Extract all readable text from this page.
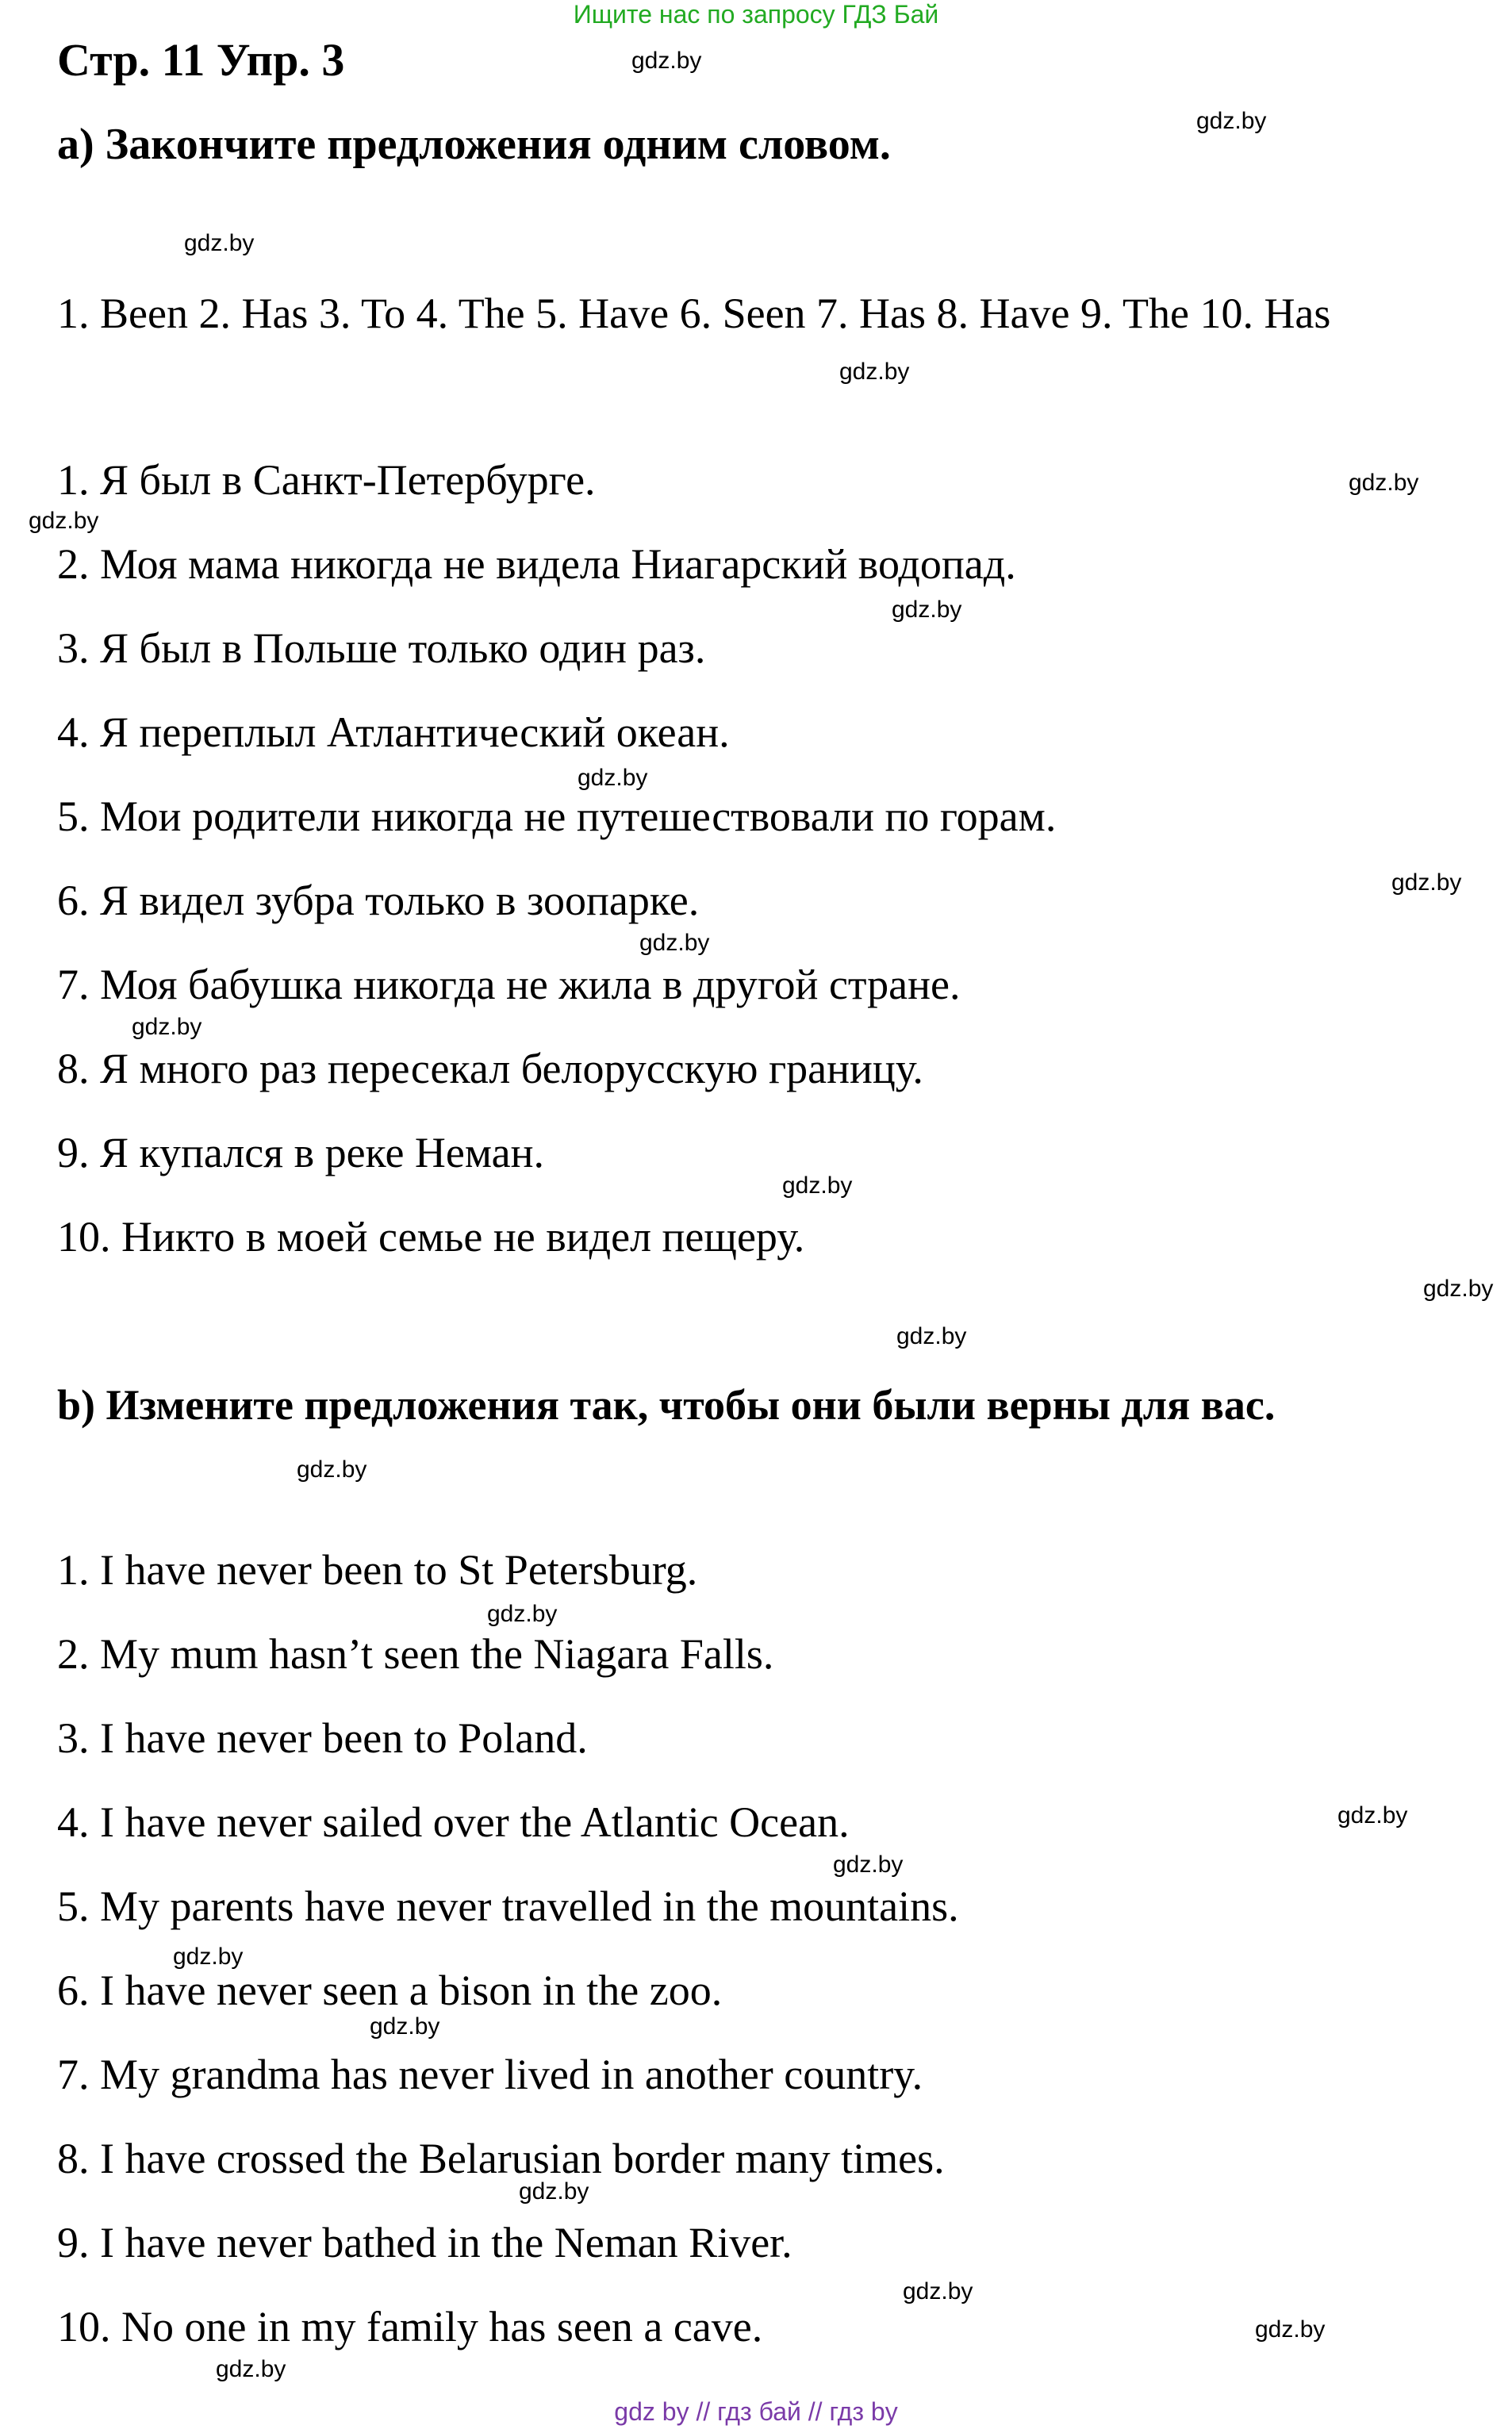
Ищите нас по запросу ГДЗ Бай
Стр. 11 Упр. 3
a) Закончите предложения одним словом.
1. Been 2. Has 3. To 4. The 5. Have 6. Seen 7. Has 8. Have 9. The 10. Has
1. Я был в Санкт-Петербурге.
2. Моя мама никогда не видела Ниагарский водопад.
3. Я был в Польше только один раз.
4. Я переплыл Атлантический океан.
5. Мои родители никогда не путешествовали по горам.
6. Я видел зубра только в зоопарке.
7. Моя бабушка никогда не жила в другой стране.
8. Я много раз пересекал белорусскую границу.
9. Я купался в реке Неман.
10. Никто в моей семье не видел пещеру.
b) Измените предложения так, чтобы они были верны для вас.
1. I have never been to St Petersburg.
2. My mum hasn’t seen the Niagara Falls.
3. I have never been to Poland.
4. I have never sailed over the Atlantic Ocean.
5. My parents have never travelled in the mountains.
6. I have never seen a bison in the zoo.
7. My grandma has never lived in another country.
8. I have crossed the Belarusian border many times.
9. I have never bathed in the Neman River.
10. No one in my family has seen a cave.
gdz.by
gdz.by
gdz.by
gdz.by
gdz.by
gdz.by
gdz.by
gdz.by
gdz.by
gdz.by
gdz.by
gdz.by
gdz.by
gdz.by
gdz.by
gdz.by
gdz.by
gdz.by
gdz.by
gdz.by
gdz.by
gdz.by
gdz.by
gdz.by
gdz by // гдз бай // гдз by
